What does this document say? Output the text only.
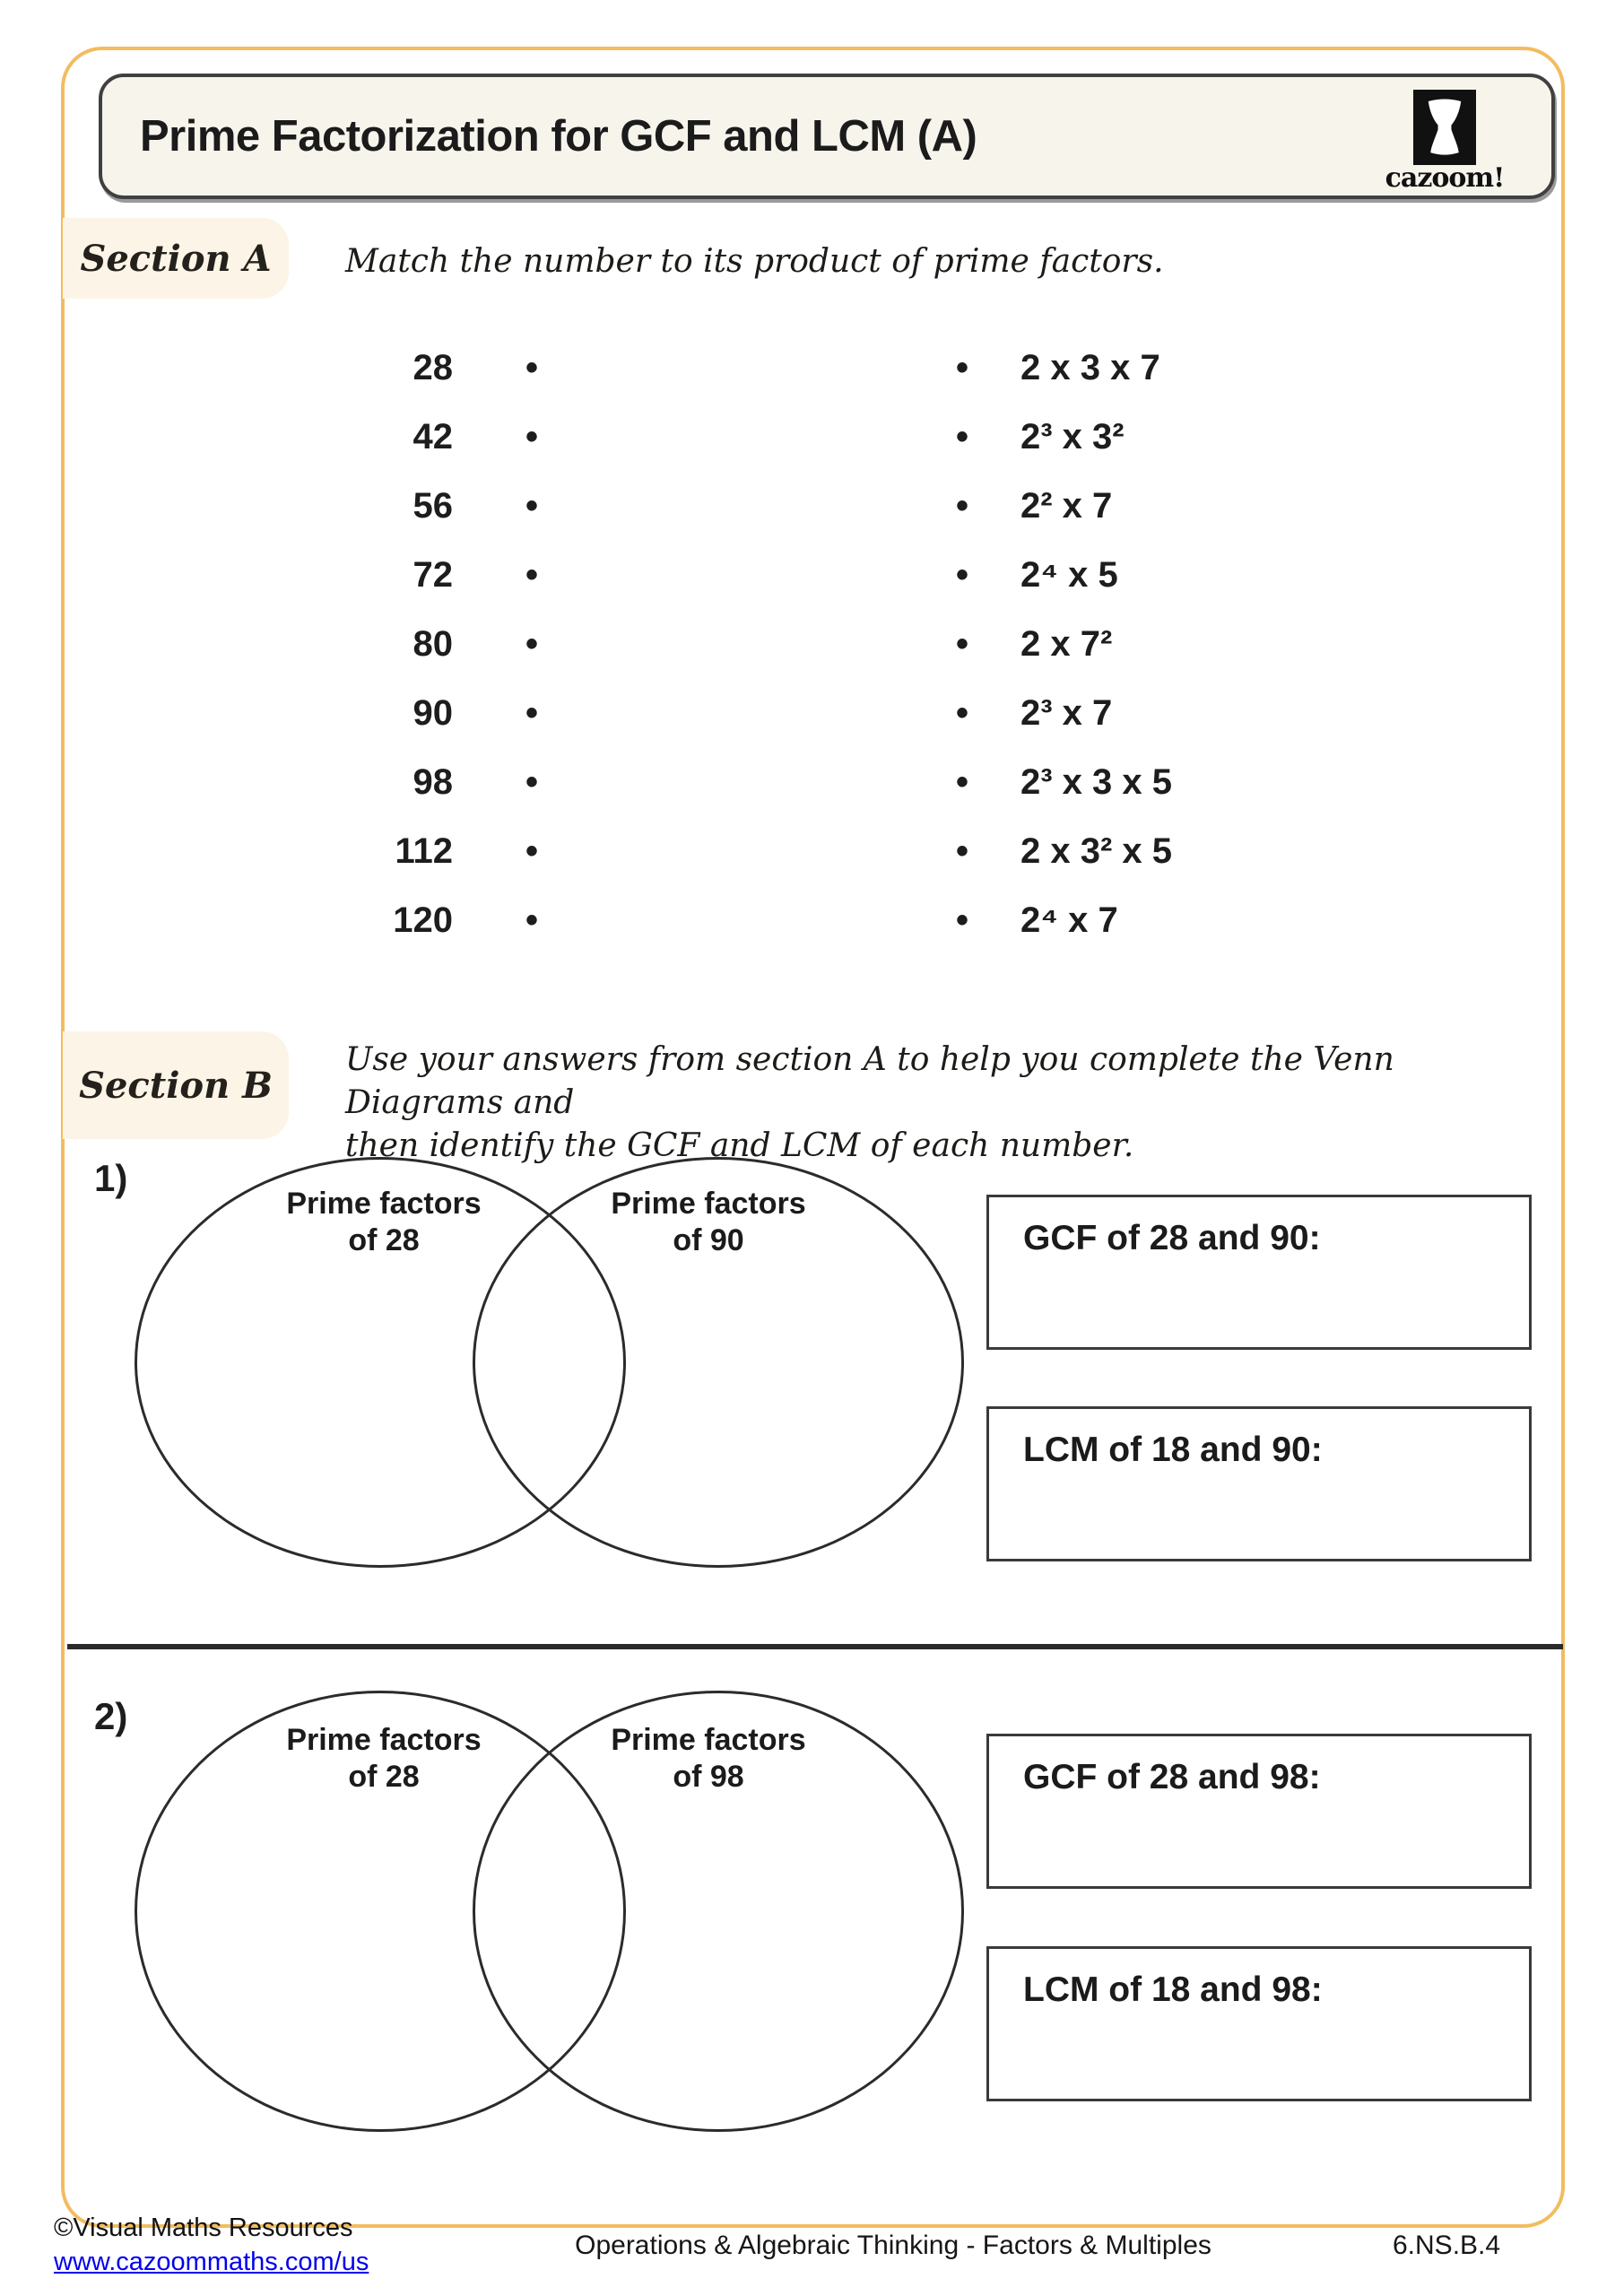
Prime Factorization for GCF and LCM (A)
cazoom!
Section A	Match the number to its product of prime factors.
28 •	• 2 x 3 x 7
42 •	• 2³ x 3²
56 •	• 2² x 7
72 •	• 2⁴ x 5
80 •	• 2 x 7²
90 •	• 2³ x 7
98 •	• 2³ x 3 x 5
112 •	• 2 x 3² x 5
120 •	• 2⁴ x 7
Section B
Use your answers from section A to help you complete the Venn Diagrams and
then identify the GCF and LCM of each number.
1)
Prime factors
of 28
Prime factors
of 90	GCF of 28 and 90:
LCM of 18 and 90:
2)
Prime factors
of 28
Prime factors
of 98	GCF of 28 and 98:
LCM of 18 and 98:
©Visual Maths Resources
www.cazoommaths.com/us
Operations & Algebraic Thinking - Factors & Multiples	6.NS.B.4
